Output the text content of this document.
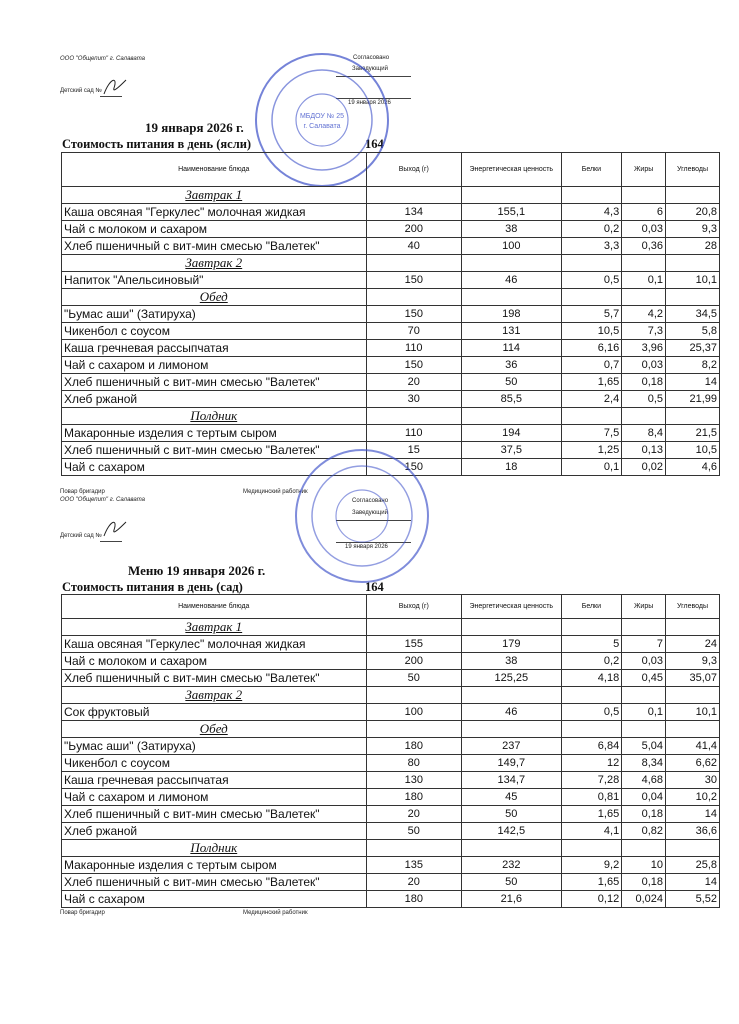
ООО "Общепит" г. Салавата	Согласовано
Заведующий
Детский сад №
19 января 2026
19 января 2026 г.
Стоимость питания в день (ясли)	164
МБДОУ № 25
г. Салавата
Наименование блюда	Выход (г)	Энергетическая ценность	Белки	Жиры	Углеводы
Завтрак 1					
Каша овсяная "Геркулес" молочная жидкая	134	155,1	4,3	6	20,8
Чай с молоком и сахаром	200	38	0,2	0,03	9,3
Хлеб пшеничный с вит-мин смесью "Валетек"	40	100	3,3	0,36	28
Завтрак 2					
Напиток "Апельсиновый"	150	46	0,5	0,1	10,1
Обед					
"Ьумас аши" (Затируха)	150	198	5,7	4,2	34,5
Чикенбол с соусом	70	131	10,5	7,3	5,8
Каша гречневая рассыпчатая	110	114	6,16	3,96	25,37
Чай с сахаром и лимоном	150	36	0,7	0,03	8,2
Хлеб пшеничный с вит-мин смесью "Валетек"	20	50	1,65	0,18	14
Хлеб ржаной	30	85,5	2,4	0,5	21,99
Полдник					
Макаронные изделия с тертым сыром	110	194	7,5	8,4	21,5
Хлеб пшеничный с вит-мин смесью "Валетек"	15	37,5	1,25	0,13	10,5
Чай с сахаром	150	18	0,1	0,02	4,6
Повар бригадир
ООО "Общепит" г. Салавата
Медицинский работник
Согласовано
Заведующий
Детский сад №
19 января 2026
Меню 19 января 2026 г.
Стоимость питания в день (сад)	164
Наименование блюда	Выход (г)	Энергетическая ценность	Белки	Жиры	Углеводы
Завтрак 1					
Каша овсяная "Геркулес" молочная жидкая	155	179	5	7	24
Чай с молоком и сахаром	200	38	0,2	0,03	9,3
Хлеб пшеничный с вит-мин смесью "Валетек"	50	125,25	4,18	0,45	35,07
Завтрак 2					
Сок фруктовый	100	46	0,5	0,1	10,1
Обед					
"Ьумас аши" (Затируха)	180	237	6,84	5,04	41,4
Чикенбол с соусом	80	149,7	12	8,34	6,62
Каша гречневая рассыпчатая	130	134,7	7,28	4,68	30
Чай с сахаром и лимоном	180	45	0,81	0,04	10,2
Хлеб пшеничный с вит-мин смесью "Валетек"	20	50	1,65	0,18	14
Хлеб ржаной	50	142,5	4,1	0,82	36,6
Полдник					
Макаронные изделия с тертым сыром	135	232	9,2	10	25,8
Хлеб пшеничный с вит-мин смесью "Валетек"	20	50	1,65	0,18	14
Чай с сахаром	180	21,6	0,12	0,024	5,52
Повар бригадир	Медицинский работник
